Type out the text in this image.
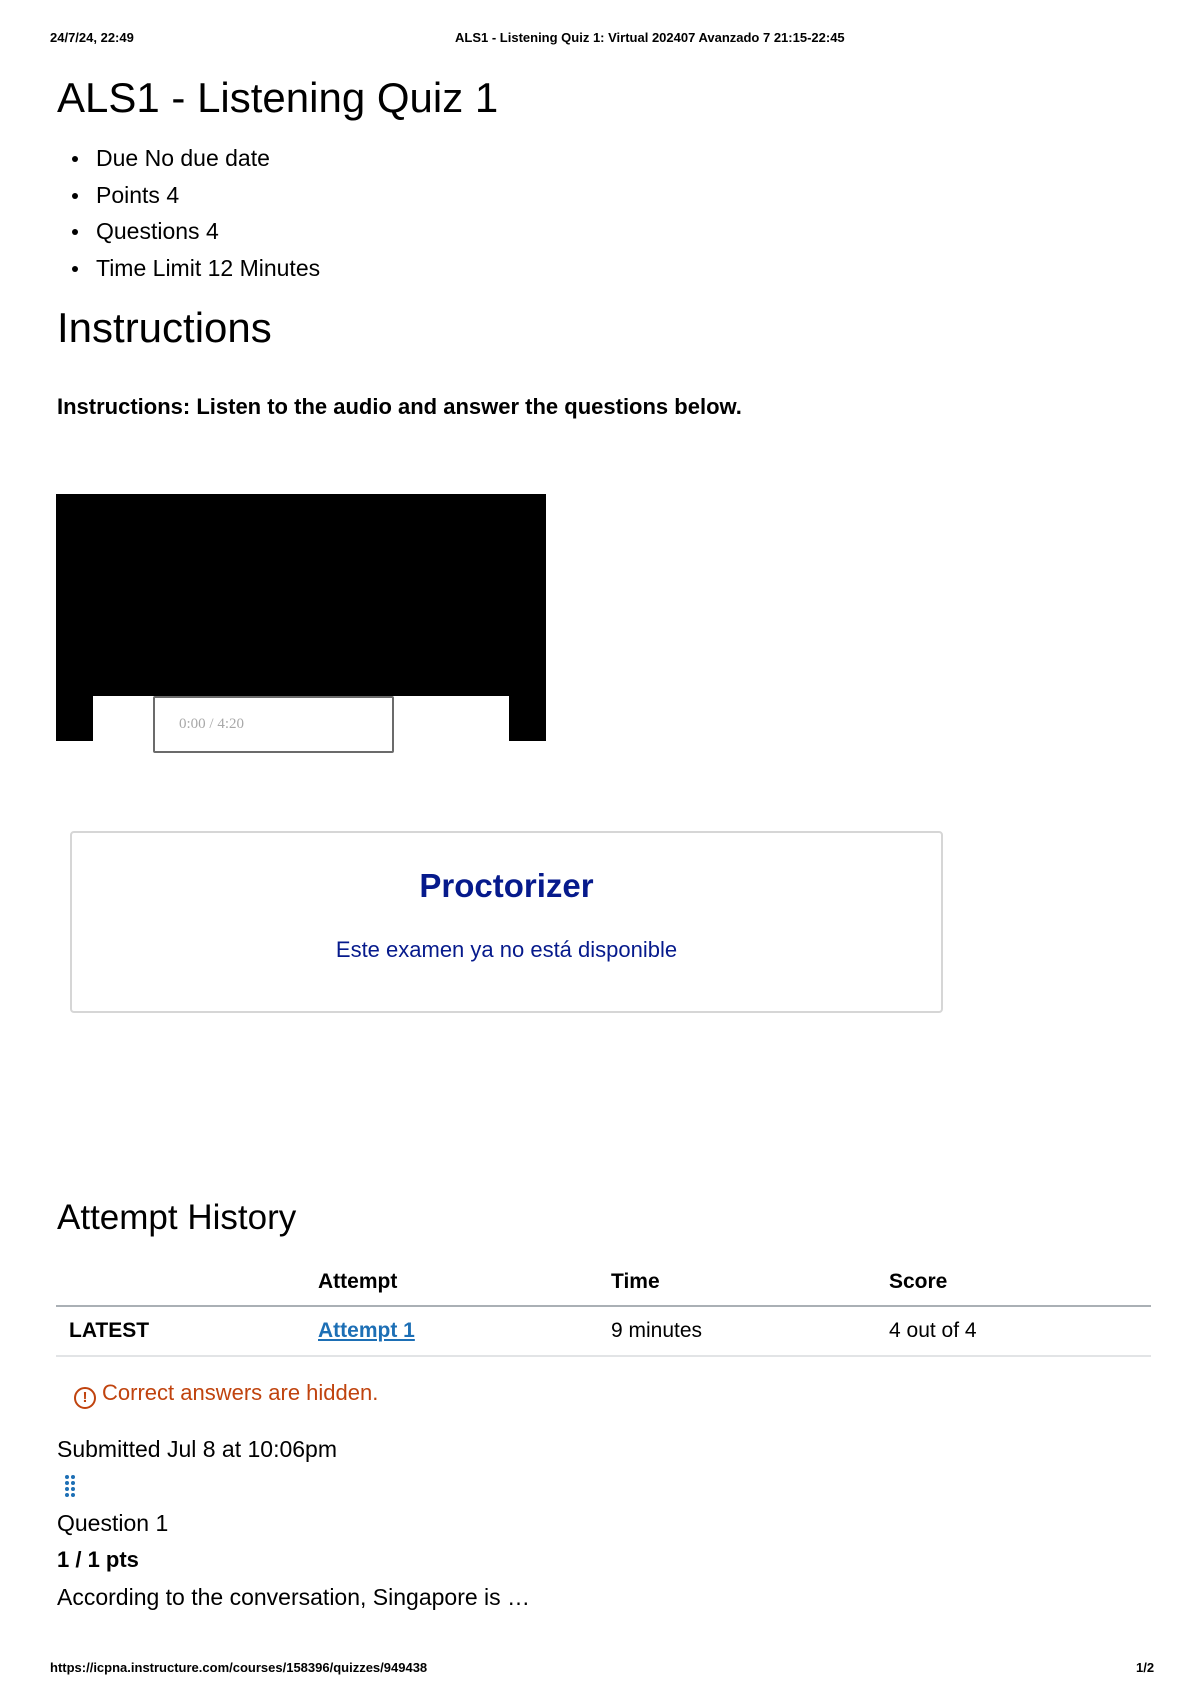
24/7/24, 22:49	ALS1 - Listening Quiz 1: Virtual 202407 Avanzado 7 21:15-22:45
ALS1 - Listening Quiz 1
Due No due date
Points 4
Questions 4
Time Limit 12 Minutes
Instructions

Instructions: Listen to the audio and answer the questions below.

0:00 / 4:20
Proctorizer
Este examen ya no está disponible
Attempt History
	Attempt	Time	Score
LATEST	Attempt 1	9 minutes	4 out of 4
! Correct answers are hidden.
Submitted Jul 8 at 10:06pm
Question 1
1 / 1 pts
According to the conversation, Singapore is …
https://icpna.instructure.com/courses/158396/quizzes/949438	1/2
